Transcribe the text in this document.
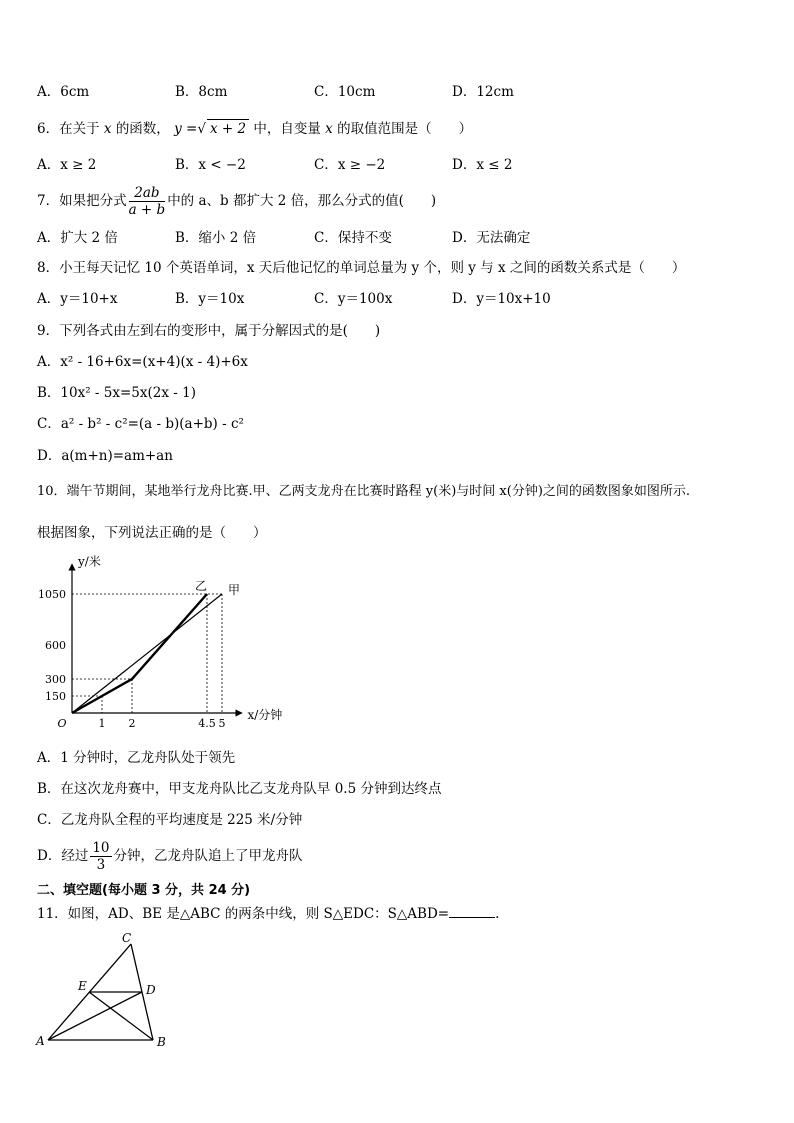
A．6cm	B．8cm	C．10cm	D．12cm
6．在关于 x 的函数， y =√ x + 2 中，自变量 x 的取值范围是（　　）
A．x ≥ 2	B．x < −2	C．x ≥ −2	D．x ≤ 2
7．如果把分式 $\frac{2ab}{a + b}$ 中的 a、b 都扩大 2 倍，那么分式的值(　　)
A．扩大 2 倍	B．缩小 2 倍	C．保持不变	D．无法确定
8．小王每天记忆 10 个英语单词，x 天后他记忆的单词总量为 y 个，则 y 与 x 之间的函数关系式是（　　）
A．y＝10+x	B．y＝10x	C．y＝100x	D．y＝10x+10
9．下列各式由左到右的变形中，属于分解因式的是(　　)
A．x² - 16+6x=(x+4)(x - 4)+6x
B．10x² - 5x=5x(2x - 1)
C．a² - b² - c²=(a - b)(a+b) - c²
D．a(m+n)=am+an
10．端午节期间，某地举行龙舟比赛.甲、乙两支龙舟在比赛时路程 y(米)与时间 x(分钟)之间的函数图象如图所示.
根据图象，下列说法正确的是（　　）
y/米
x/分钟
150
300
600
1050
O	1 2	4.5 5
甲
乙
A．1 分钟时，乙龙舟队处于领先
B．在这次龙舟赛中，甲支龙舟队比乙支龙舟队早 0.5 分钟到达终点
C．乙龙舟队全程的平均速度是 225 米/分钟
D．经过 $\frac{10}{3}$ 分钟，乙龙舟队追上了甲龙舟队
二、填空题(每小题 3 分，共 24 分)
11．如图，AD、BE 是△ABC 的两条中线，则 S△EDC：S△ABD=	.
A	B
C
D
E
